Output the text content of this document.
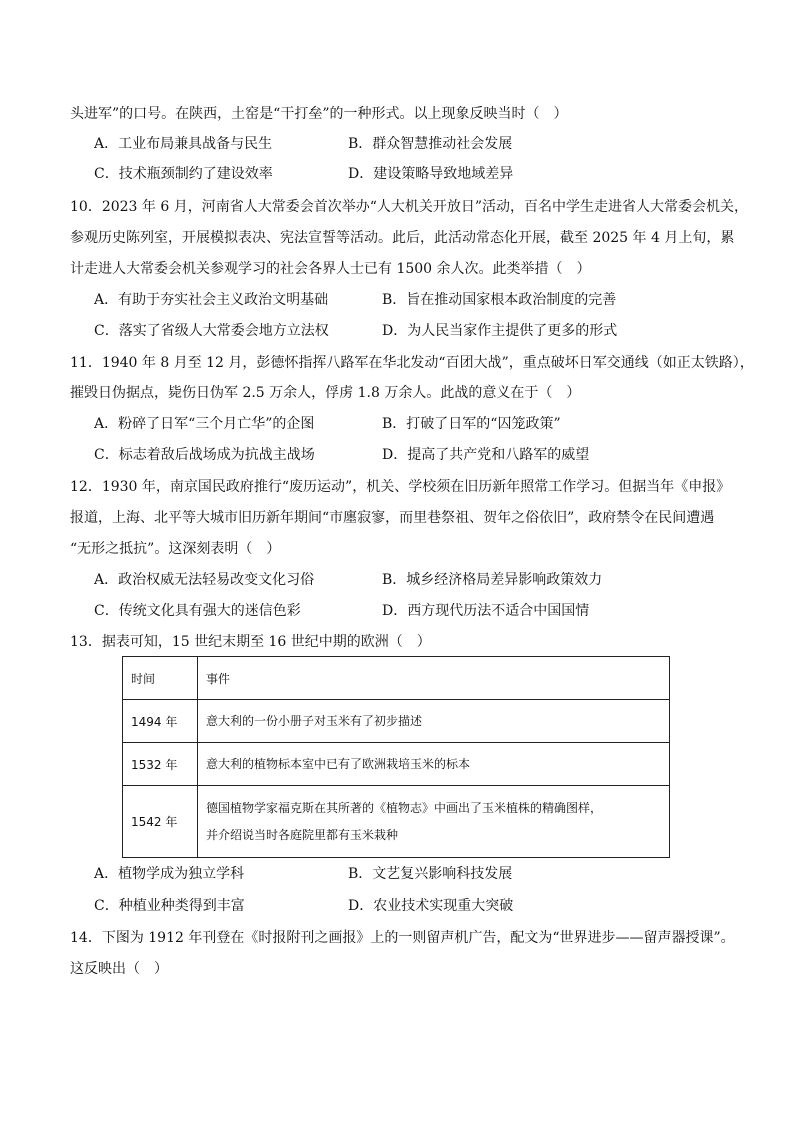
头进军”的口号。在陕西，土窑是“干打垒”的一种形式。以上现象反映当时（　）
A．工业布局兼具战备与民生	B．群众智慧推动社会发展
C．技术瓶颈制约了建设效率	D．建设策略导致地域差异
10．2023 年 6 月，河南省人大常委会首次举办“人大机关开放日”活动，百名中学生走进省人大常委会机关，
参观历史陈列室，开展模拟表决、宪法宣誓等活动。此后，此活动常态化开展，截至 2025 年 4 月上旬，累
计走进人大常委会机关参观学习的社会各界人士已有 1500 余人次。此类举措（　）
A．有助于夯实社会主义政治文明基础	B．旨在推动国家根本政治制度的完善
C．落实了省级人大常委会地方立法权	D．为人民当家作主提供了更多的形式
11．1940 年 8 月至 12 月，彭德怀指挥八路军在华北发动“百团大战”，重点破坏日军交通线（如正太铁路），
摧毁日伪据点，毙伤日伪军 2.5 万余人，俘虏 1.8 万余人。此战的意义在于（　）
A．粉碎了日军“三个月亡华”的企图	B．打破了日军的“囚笼政策”
C．标志着敌后战场成为抗战主战场	D．提高了共产党和八路军的威望
12．1930 年，南京国民政府推行“废历运动”，机关、学校须在旧历新年照常工作学习。但据当年《申报》
报道，上海、北平等大城市旧历新年期间“市廛寂寥，而里巷祭祖、贺年之俗依旧”，政府禁令在民间遭遇
“无形之抵抗”。这深刻表明（　）
A．政治权威无法轻易改变文化习俗	B．城乡经济格局差异影响政策效力
C．传统文化具有强大的迷信色彩	D．西方现代历法不适合中国国情
13．据表可知，15 世纪末期至 16 世纪中期的欧洲（　）
时间	事件
1494 年	意大利的一份小册子对玉米有了初步描述

1532 年	意大利的植物标本室中已有了欧洲栽培玉米的标本

1542 年	德国植物学家福克斯在其所著的《植物志》中画出了玉米植株的精确图样，
并介绍说当时各庭院里都有玉米栽种
A．植物学成为独立学科	B．文艺复兴影响科技发展
C．种植业种类得到丰富	D．农业技术实现重大突破
14．下图为 1912 年刊登在《时报附刊之画报》上的一则留声机广告，配文为“世界进步——留声器授课”。
这反映出（　）
